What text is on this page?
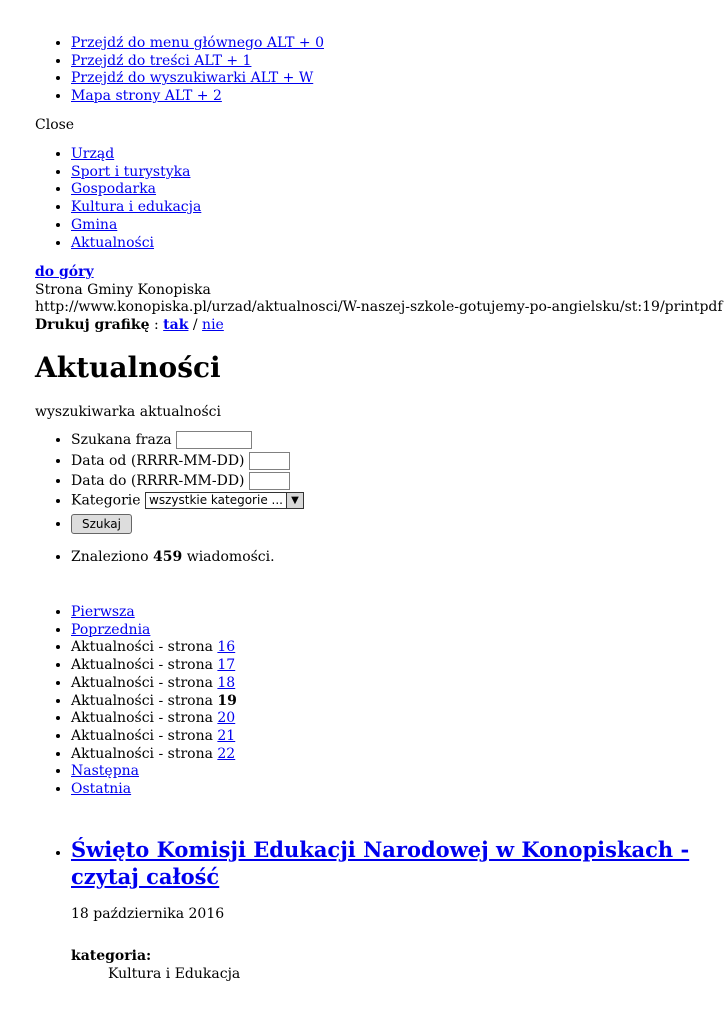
• Przejdź do menu głównego ALT + 0
• Przejdź do treści ALT + 1
• Przejdź do wyszukiwarki ALT + W
• Mapa strony ALT + 2
Close
• Urząd
• Sport i turystyka
• Gospodarka
• Kultura i edukacja
• Gmina
• Aktualności
do góry
Strona Gminy Konopiska
http://www.konopiska.pl/urzad/aktualnosci/W-naszej-szkole-gotujemy-po-angielsku/st:19/printpdf
Drukuj grafikę : tak / nie
Aktualności
wyszukiwarka aktualności
• Szukana fraza
• Data od (RRRR-MM-DD)
• Data do (RRRR-MM-DD)
• Kategorie wszystkie kategorie ... ▼
• Szukaj
• Znaleziono 459 wiadomości.
• Pierwsza
• Poprzednia
• Aktualności - strona 16
• Aktualności - strona 17
• Aktualności - strona 18
• Aktualności - strona 19
• Aktualności - strona 20
• Aktualności - strona 21
• Aktualności - strona 22
• Następna
• Ostatnia
• Święto Komisji Edukacji Narodowej w Konopiskach - czytaj całość
18 października 2016
kategoria:
Kultura i Edukacja
